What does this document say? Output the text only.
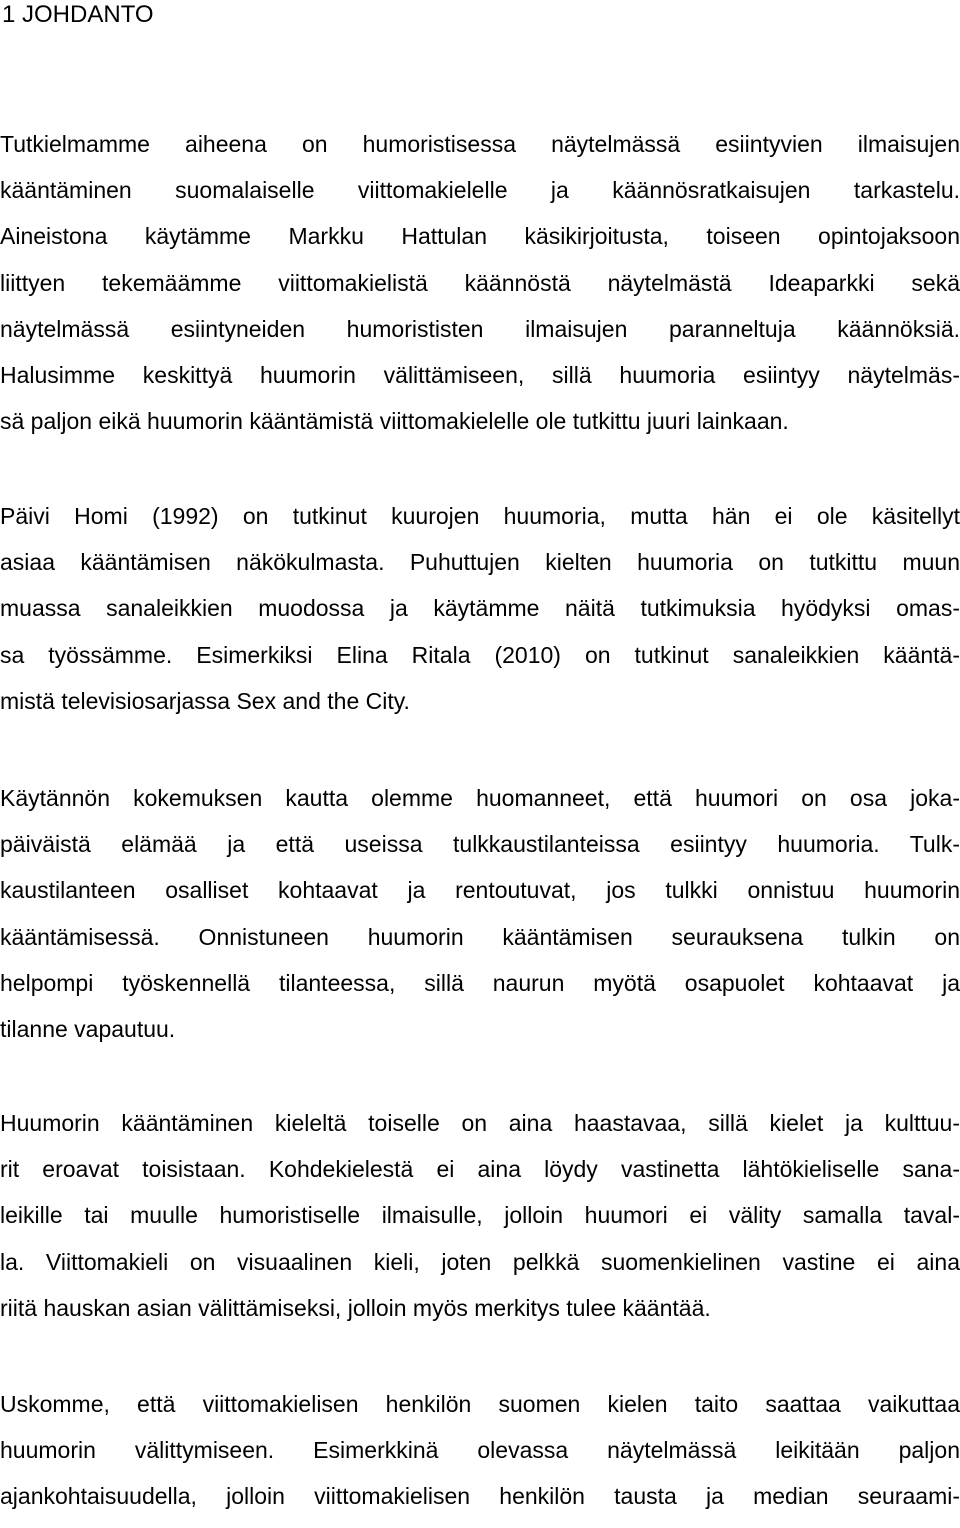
1 JOHDANTO
Tutkielmamme aiheena on humoristisessa näytelmässä esiintyvien ilmaisujen
kääntäminen suomalaiselle viittomakielelle ja käännösratkaisujen tarkastelu.
Aineistona käytämme Markku Hattulan käsikirjoitusta, toiseen opintojaksoon
liittyen tekemäämme viittomakielistä käännöstä näytelmästä Ideaparkki sekä
näytelmässä esiintyneiden humorististen ilmaisujen paranneltuja käännöksiä.
Halusimme keskittyä huumorin välittämiseen, sillä huumoria esiintyy näytelmäs-
sä paljon eikä huumorin kääntämistä viittomakielelle ole tutkittu juuri lainkaan.
Päivi Homi (1992) on tutkinut kuurojen huumoria, mutta hän ei ole käsitellyt
asiaa kääntämisen näkökulmasta. Puhuttujen kielten huumoria on tutkittu muun
muassa sanaleikkien muodossa ja käytämme näitä tutkimuksia hyödyksi omas-
sa työssämme. Esimerkiksi Elina Ritala (2010) on tutkinut sanaleikkien kääntä-
mistä televisiosarjassa Sex and the City.
Käytännön kokemuksen kautta olemme huomanneet, että huumori on osa joka-
päiväistä elämää ja että useissa tulkkaustilanteissa esiintyy huumoria. Tulk-
kaustilanteen osalliset kohtaavat ja rentoutuvat, jos tulkki onnistuu huumorin
kääntämisessä. Onnistuneen huumorin kääntämisen seurauksena tulkin on
helpompi työskennellä tilanteessa, sillä naurun myötä osapuolet kohtaavat ja
tilanne vapautuu.
Huumorin kääntäminen kieleltä toiselle on aina haastavaa, sillä kielet ja kulttuu-
rit eroavat toisistaan. Kohdekielestä ei aina löydy vastinetta lähtökieliselle sana-
leikille tai muulle humoristiselle ilmaisulle, jolloin huumori ei välity samalla taval-
la. Viittomakieli on visuaalinen kieli, joten pelkkä suomenkielinen vastine ei aina
riitä hauskan asian välittämiseksi, jolloin myös merkitys tulee kääntää.
Uskomme, että viittomakielisen henkilön suomen kielen taito saattaa vaikuttaa
huumorin välittymiseen. Esimerkkinä olevassa näytelmässä leikitään paljon
ajankohtaisuudella, jolloin viittomakielisen henkilön tausta ja median seuraami-
